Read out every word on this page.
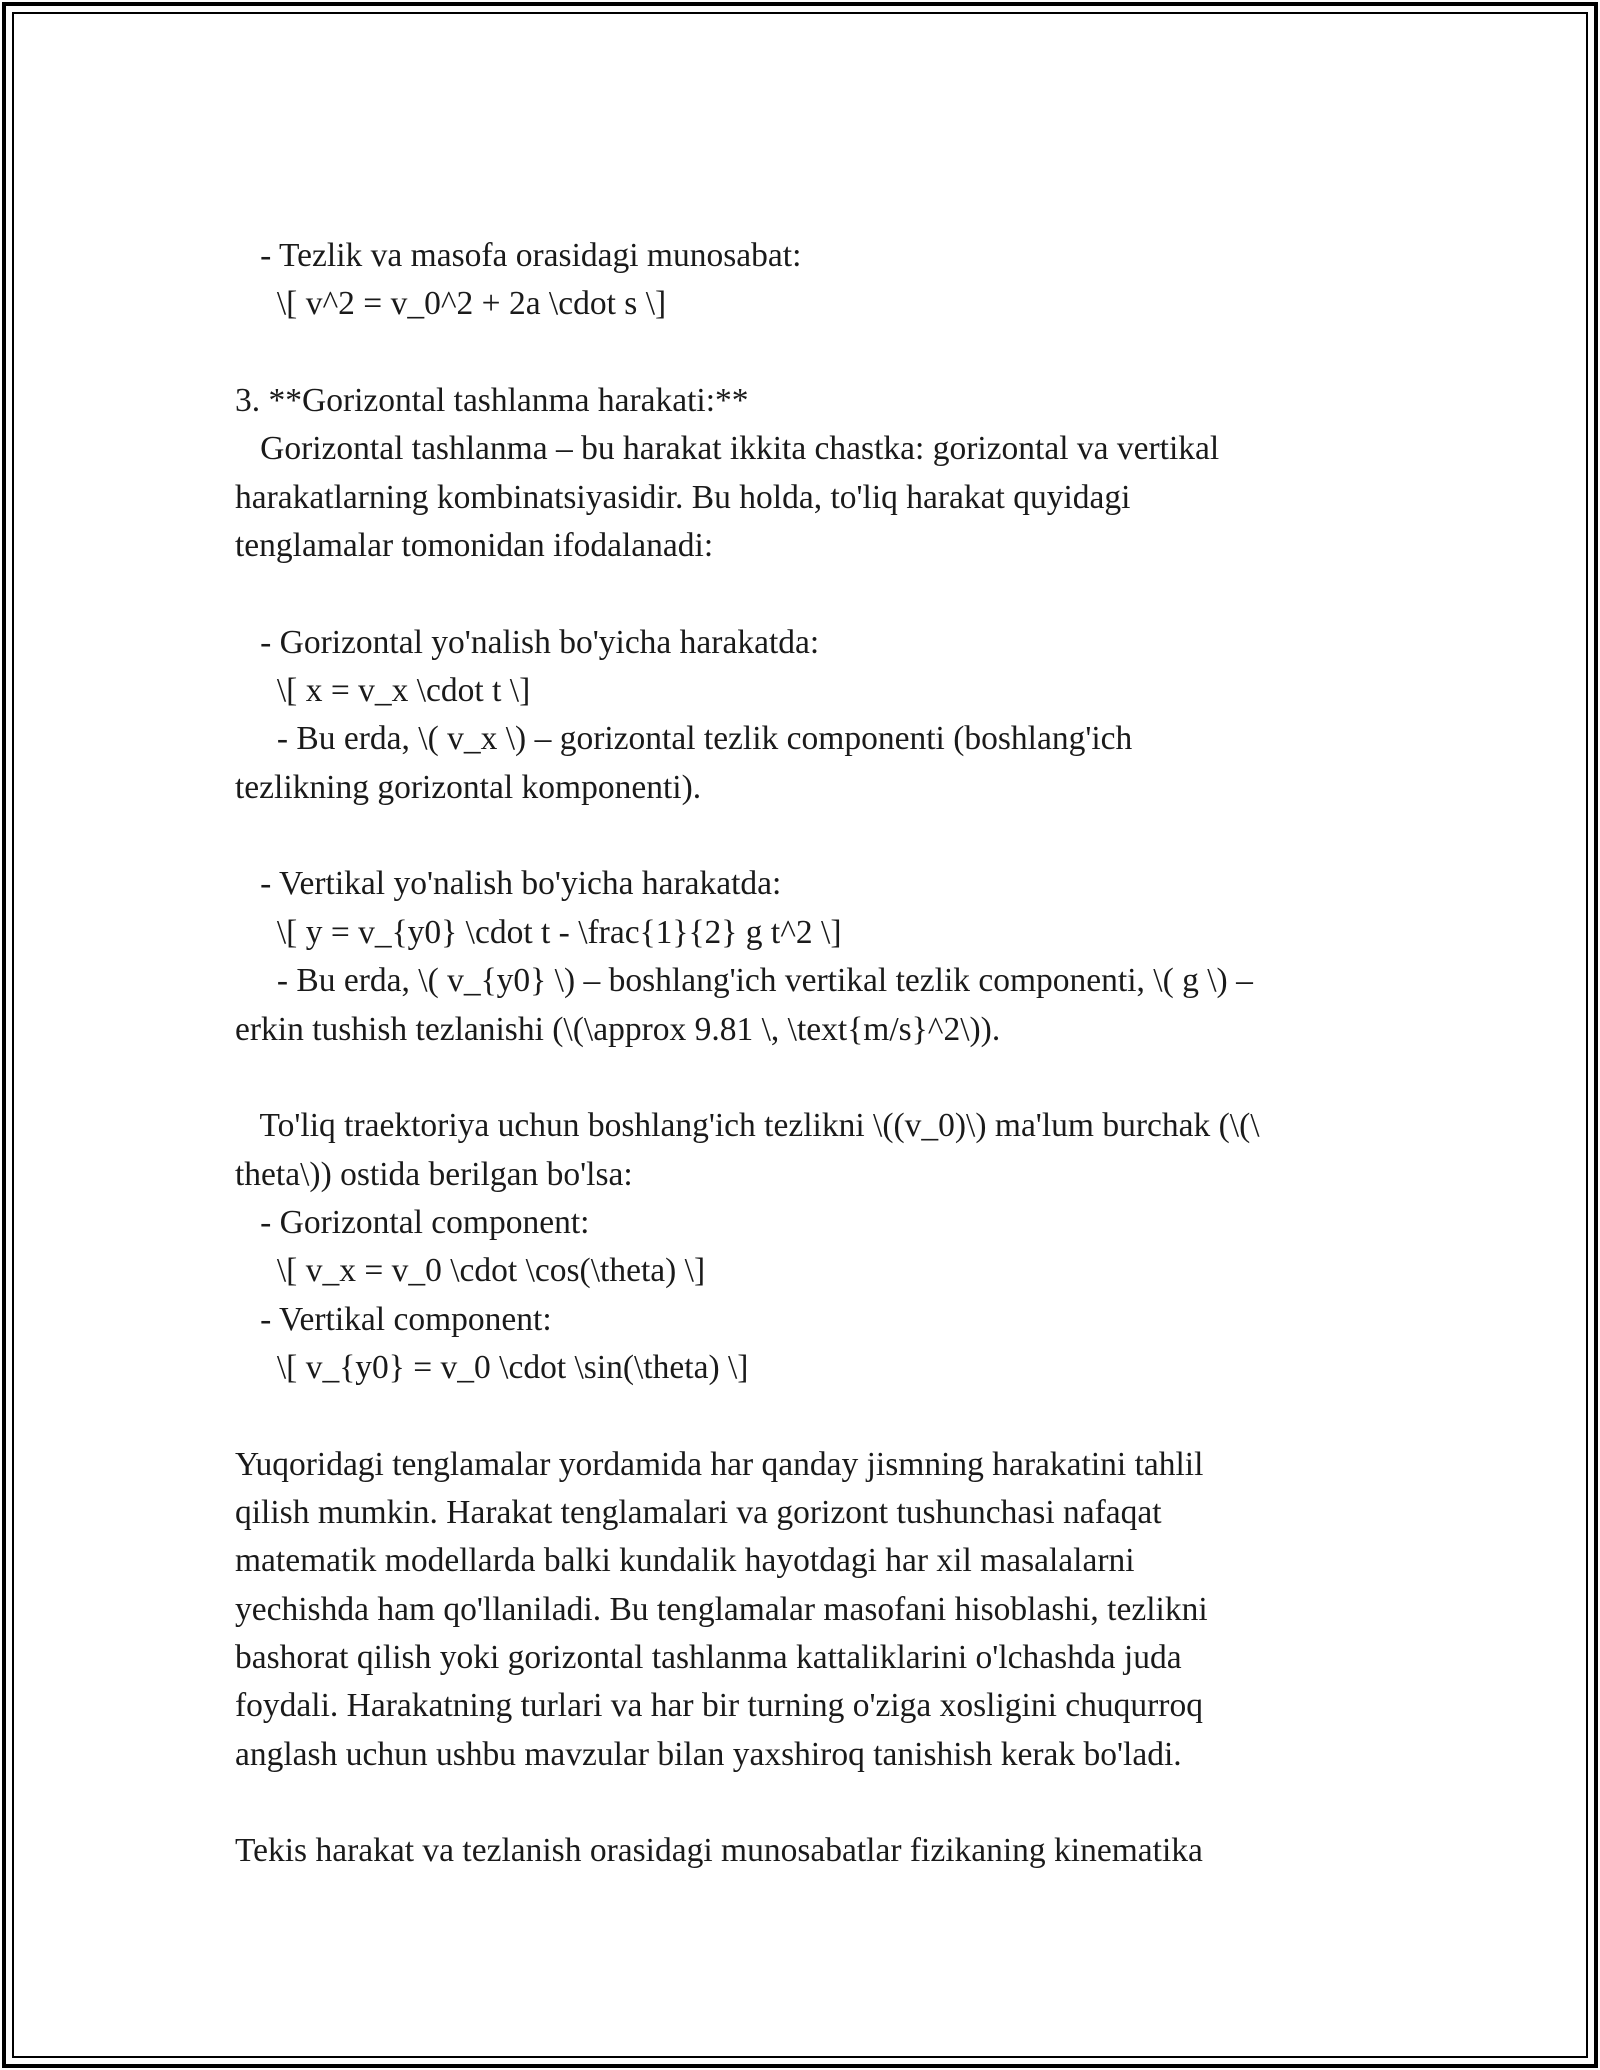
- Tezlik va masofa orasidagi munosabat:
\[ v^2 = v_0^2 + 2a \cdot s \]
3. **Gorizontal tashlanma harakati:**
Gorizontal tashlanma – bu harakat ikkita chastka: gorizontal va vertikal
harakatlarning kombinatsiyasidir. Bu holda, to'liq harakat quyidagi
tenglamalar tomonidan ifodalanadi:
- Gorizontal yo'nalish bo'yicha harakatda:
\[ x = v_x \cdot t \]
- Bu erda, \( v_x \) – gorizontal tezlik componenti (boshlang'ich
tezlikning gorizontal komponenti).
- Vertikal yo'nalish bo'yicha harakatda:
\[ y = v_{y0} \cdot t - \frac{1}{2} g t^2 \]
- Bu erda, \( v_{y0} \) – boshlang'ich vertikal tezlik componenti, \( g \) –
erkin tushish tezlanishi (\(\approx 9.81 \, \text{m/s}^2\)).
To'liq traektoriya uchun boshlang'ich tezlikni \((v_0)\) ma'lum burchak (\(\
theta\)) ostida berilgan bo'lsa:
- Gorizontal component:
\[ v_x = v_0 \cdot \cos(\theta) \]
- Vertikal component:
\[ v_{y0} = v_0 \cdot \sin(\theta) \]
Yuqoridagi tenglamalar yordamida har qanday jismning harakatini tahlil
qilish mumkin. Harakat tenglamalari va gorizont tushunchasi nafaqat
matematik modellarda balki kundalik hayotdagi har xil masalalarni
yechishda ham qo'llaniladi. Bu tenglamalar masofani hisoblashi, tezlikni
bashorat qilish yoki gorizontal tashlanma kattaliklarini o'lchashda juda
foydali. Harakatning turlari va har bir turning o'ziga xosligini chuqurroq
anglash uchun ushbu mavzular bilan yaxshiroq tanishish kerak bo'ladi.
Tekis harakat va tezlanish orasidagi munosabatlar fizikaning kinematika
